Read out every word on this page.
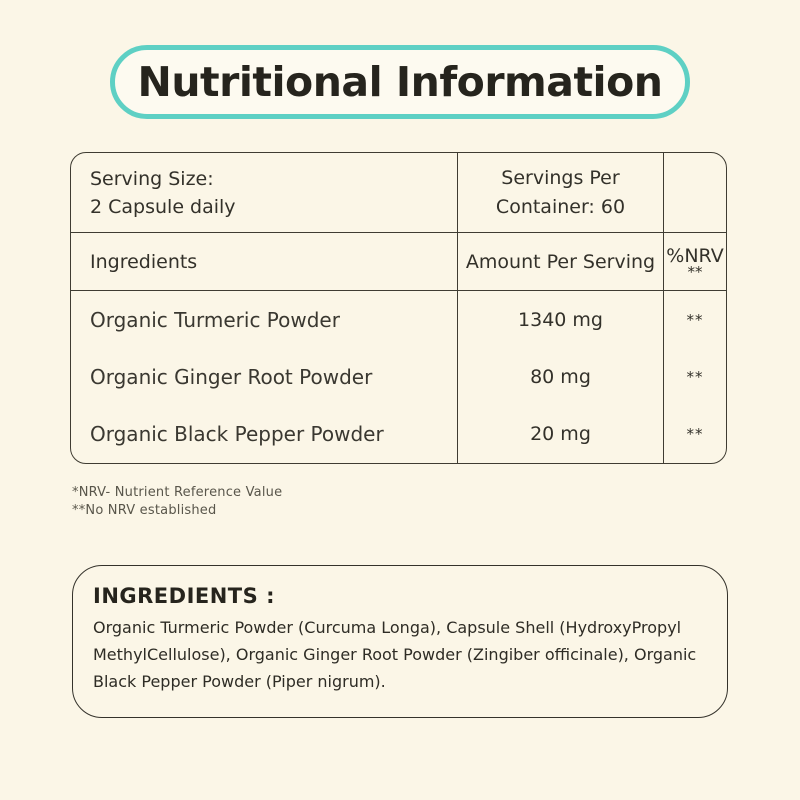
Nutritional Information
Serving Size:
2 Capsule daily
Servings Per
Container: 60
Ingredients	Amount Per Serving %NRV
**
Organic Turmeric Powder
Organic Ginger Root Powder
Organic Black Pepper Powder
1340 mg
80 mg
20 mg
**
**
**
*NRV- Nutrient Reference Value
**No NRV established
INGREDIENTS :

Organic Turmeric Powder (Curcuma Longa), Capsule Shell (HydroxyPropyl MethylCellulose), Organic Ginger Root Powder (Zingiber officinale), Organic Black Pepper Powder (Piper nigrum).
